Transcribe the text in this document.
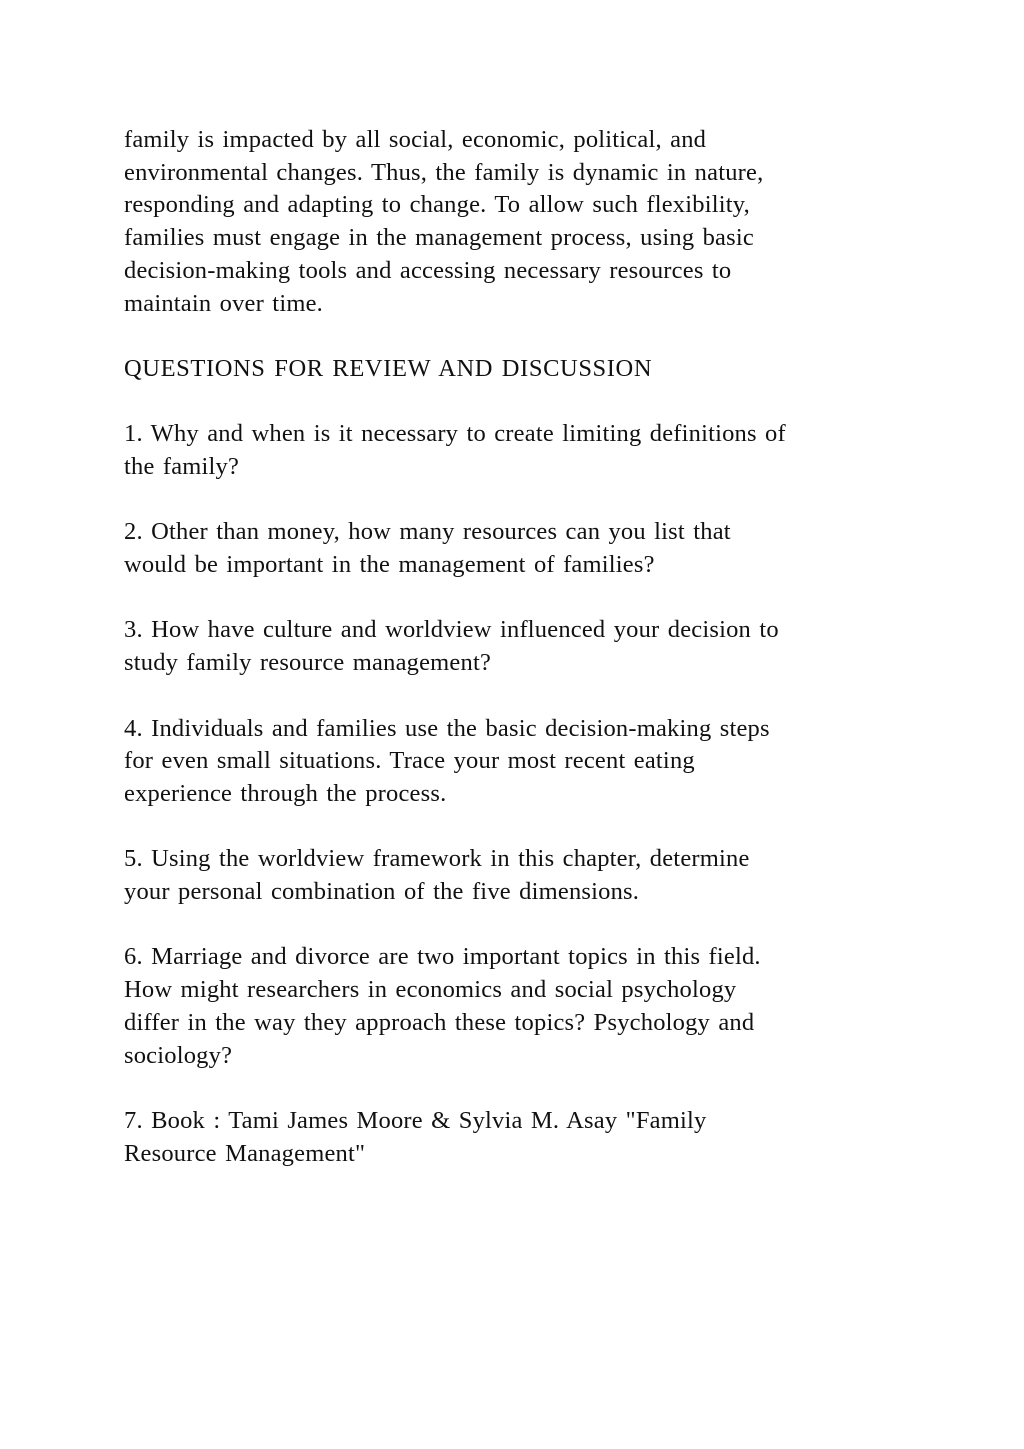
family is impacted by all social, economic, political, and
environmental changes. Thus, the family is dynamic in nature,
responding and adapting to change. To allow such flexibility,
families must engage in the management process, using basic
decision-making tools and accessing necessary resources to
maintain over time.
QUESTIONS FOR REVIEW AND DISCUSSION
1. Why and when is it necessary to create limiting definitions of
the family?
2. Other than money, how many resources can you list that
would be important in the management of families?
3. How have culture and worldview influenced your decision to
study family resource management?
4. Individuals and families use the basic decision-making steps
for even small situations. Trace your most recent eating
experience through the process.
5. Using the worldview framework in this chapter, determine
your personal combination of the five dimensions.
6. Marriage and divorce are two important topics in this field.
How might researchers in economics and social psychology
differ in the way they approach these topics? Psychology and
sociology?
7. Book : Tami James Moore & Sylvia M. Asay "Family
Resource Management"
